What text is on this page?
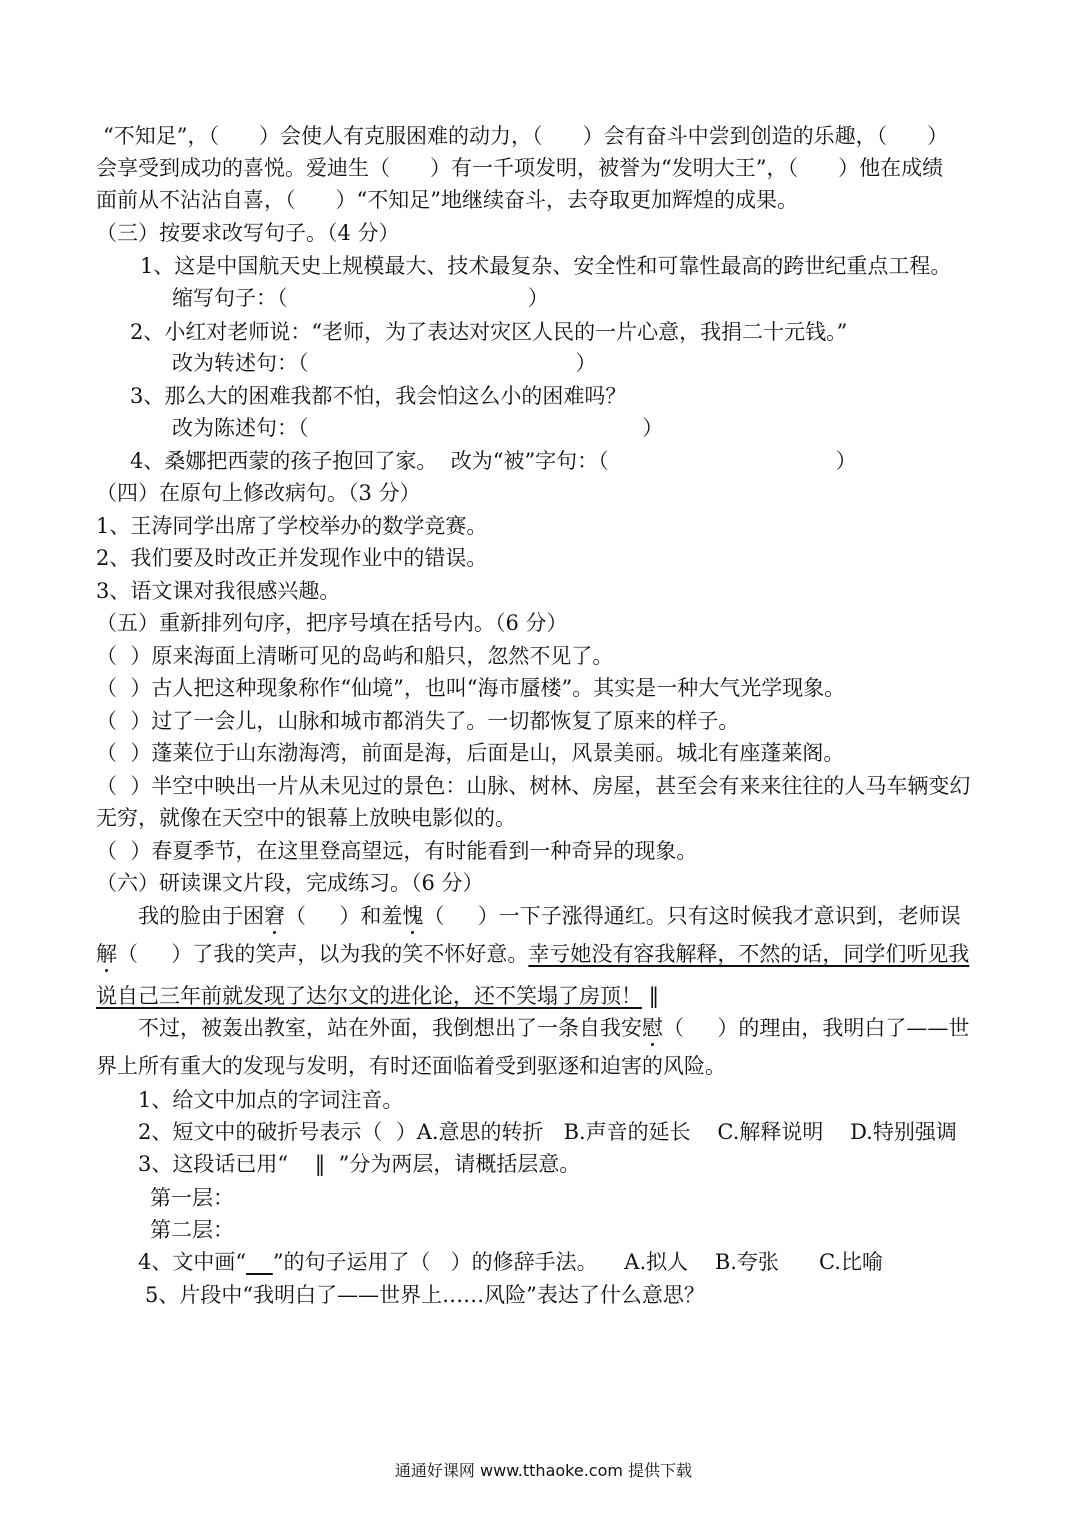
“不知足”，（      ）会使人有克服困难的动力，（      ）会有奋斗中尝到创造的乐趣，（      ）
会享受到成功的喜悦。爱迪生（      ）有一千项发明，被誉为“发明大王”，（      ）他在成绩
面前从不沾沾自喜，（      ）“不知足”地继续奋斗，去夺取更加辉煌的成果。
（三）按要求改写句子。（4 分）
1、这是中国航天史上规模最大、技术最复杂、安全性和可靠性最高的跨世纪重点工程。
缩写句子：（                                    ）
2、小红对老师说：“老师，为了表达对灾区人民的一片心意，我捐二十元钱。”
改为转述句：（                                        ）
3、那么大的困难我都不怕，我会怕这么小的困难吗？
改为陈述句：（                                                  ）
4、桑娜把西蒙的孩子抱回了家。  改为“被”字句：（                                  ）
（四）在原句上修改病句。（3 分）
1、王涛同学出席了学校举办的数学竞赛。
2、我们要及时改正并发现作业中的错误。
3、语文课对我很感兴趣。
（五）重新排列句序，把序号填在括号内。（6 分）
（  ）原来海面上清晰可见的岛屿和船只，忽然不见了。
（  ）古人把这种现象称作“仙境”，也叫“海市蜃楼”。其实是一种大气光学现象。
（  ）过了一会儿，山脉和城市都消失了。一切都恢复了原来的样子。
（  ）蓬莱位于山东渤海湾，前面是海，后面是山，风景美丽。城北有座蓬莱阁。
（  ）半空中映出一片从未见过的景色：山脉、树林、房屋，甚至会有来来往往的人马车辆变幻
无穷，就像在天空中的银幕上放映电影似的。
（  ）春夏季节，在这里登高望远，有时能看到一种奇异的现象。
（六）研读课文片段，完成练习。（6 分）
我的脸由于困窘（     ）和羞愧（     ）一下子涨得通红。只有这时候我才意识到，老师误
解（     ）了我的笑声，以为我的笑不怀好意。幸亏她没有容我解释，不然的话，同学们听见我
说自己三年前就发现了达尔文的进化论，还不笑塌了房顶！ ‖
不过，被轰出教室，站在外面，我倒想出了一条自我安慰（     ）的理由，我明白了——世
界上所有重大的发现与发明，有时还面临着受到驱逐和迫害的风险。
1、给文中加点的字词注音。
2、短文中的破折号表示（  ）A.意思的转折   B.声音的延长    C.解释说明    D.特别强调
3、这段话已用“    ‖  ”分为两层，请概括层意。
第一层：
第二层：
4、文中画“ ”的句子运用了（   ）的修辞手法。    A.拟人    B.夸张      C.比喻
5、片段中“我明白了——世界上……风险”表达了什么意思？
通通好课网 www.tthaoke.com 提供下载
